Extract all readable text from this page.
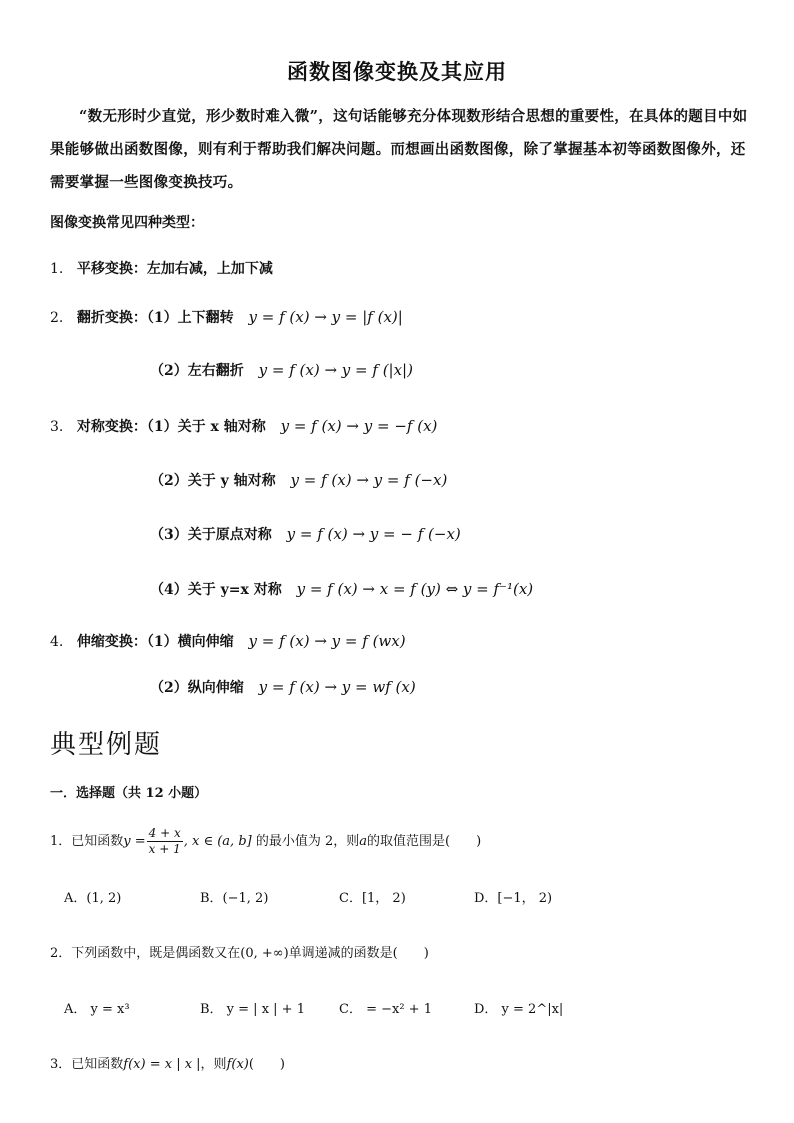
函数图像变换及其应用

“数无形时少直觉，形少数时难入微”，这句话能够充分体现数形结合思想的重要性，在具体的题目中如果能够做出函数图像，则有利于帮助我们解决问题。而想画出函数图像，除了掌握基本初等函数图像外，还需要掌握一些图像变换技巧。

图像变换常见四种类型：
1. 平移变换：左加右减，上加下减
2. 翻折变换：（1）上下翻转 y = f (x) → y = |f (x)|
（2）左右翻折 y = f (x) → y = f (|x|)
3. 对称变换：（1）关于 x 轴对称 y = f (x) → y = −f (x)
（2）关于 y 轴对称 y = f (x) → y = f (−x)
（3）关于原点对称 y = f (x) → y = − f (−x)
（4）关于 y=x 对称 y = f (x) → x = f (y) ⇔ y = f⁻¹(x)
4. 伸缩变换：（1）横向伸缩 y = f (x) → y = f (wx)
（2）纵向伸缩 y = f (x) → y = wf (x)
典型例题
一．选择题（共 12 小题）
1．已知函数$y = \frac{4 + x}{x + 1}$ , x ∈ (a, b] 的最小值为 2，则a的取值范围是(　　)
A．(1, 2)	B．(−1, 2)	C．[1， 2)	D．[−1， 2)
2．下列函数中，既是偶函数又在(0, +∞)单调递减的函数是(　　)
A． y = x³	B． y = | x | + 1	C． = −x² + 1	D． y = 2^|x|
3．已知函数f(x) = x | x |，则f(x)(　　)
